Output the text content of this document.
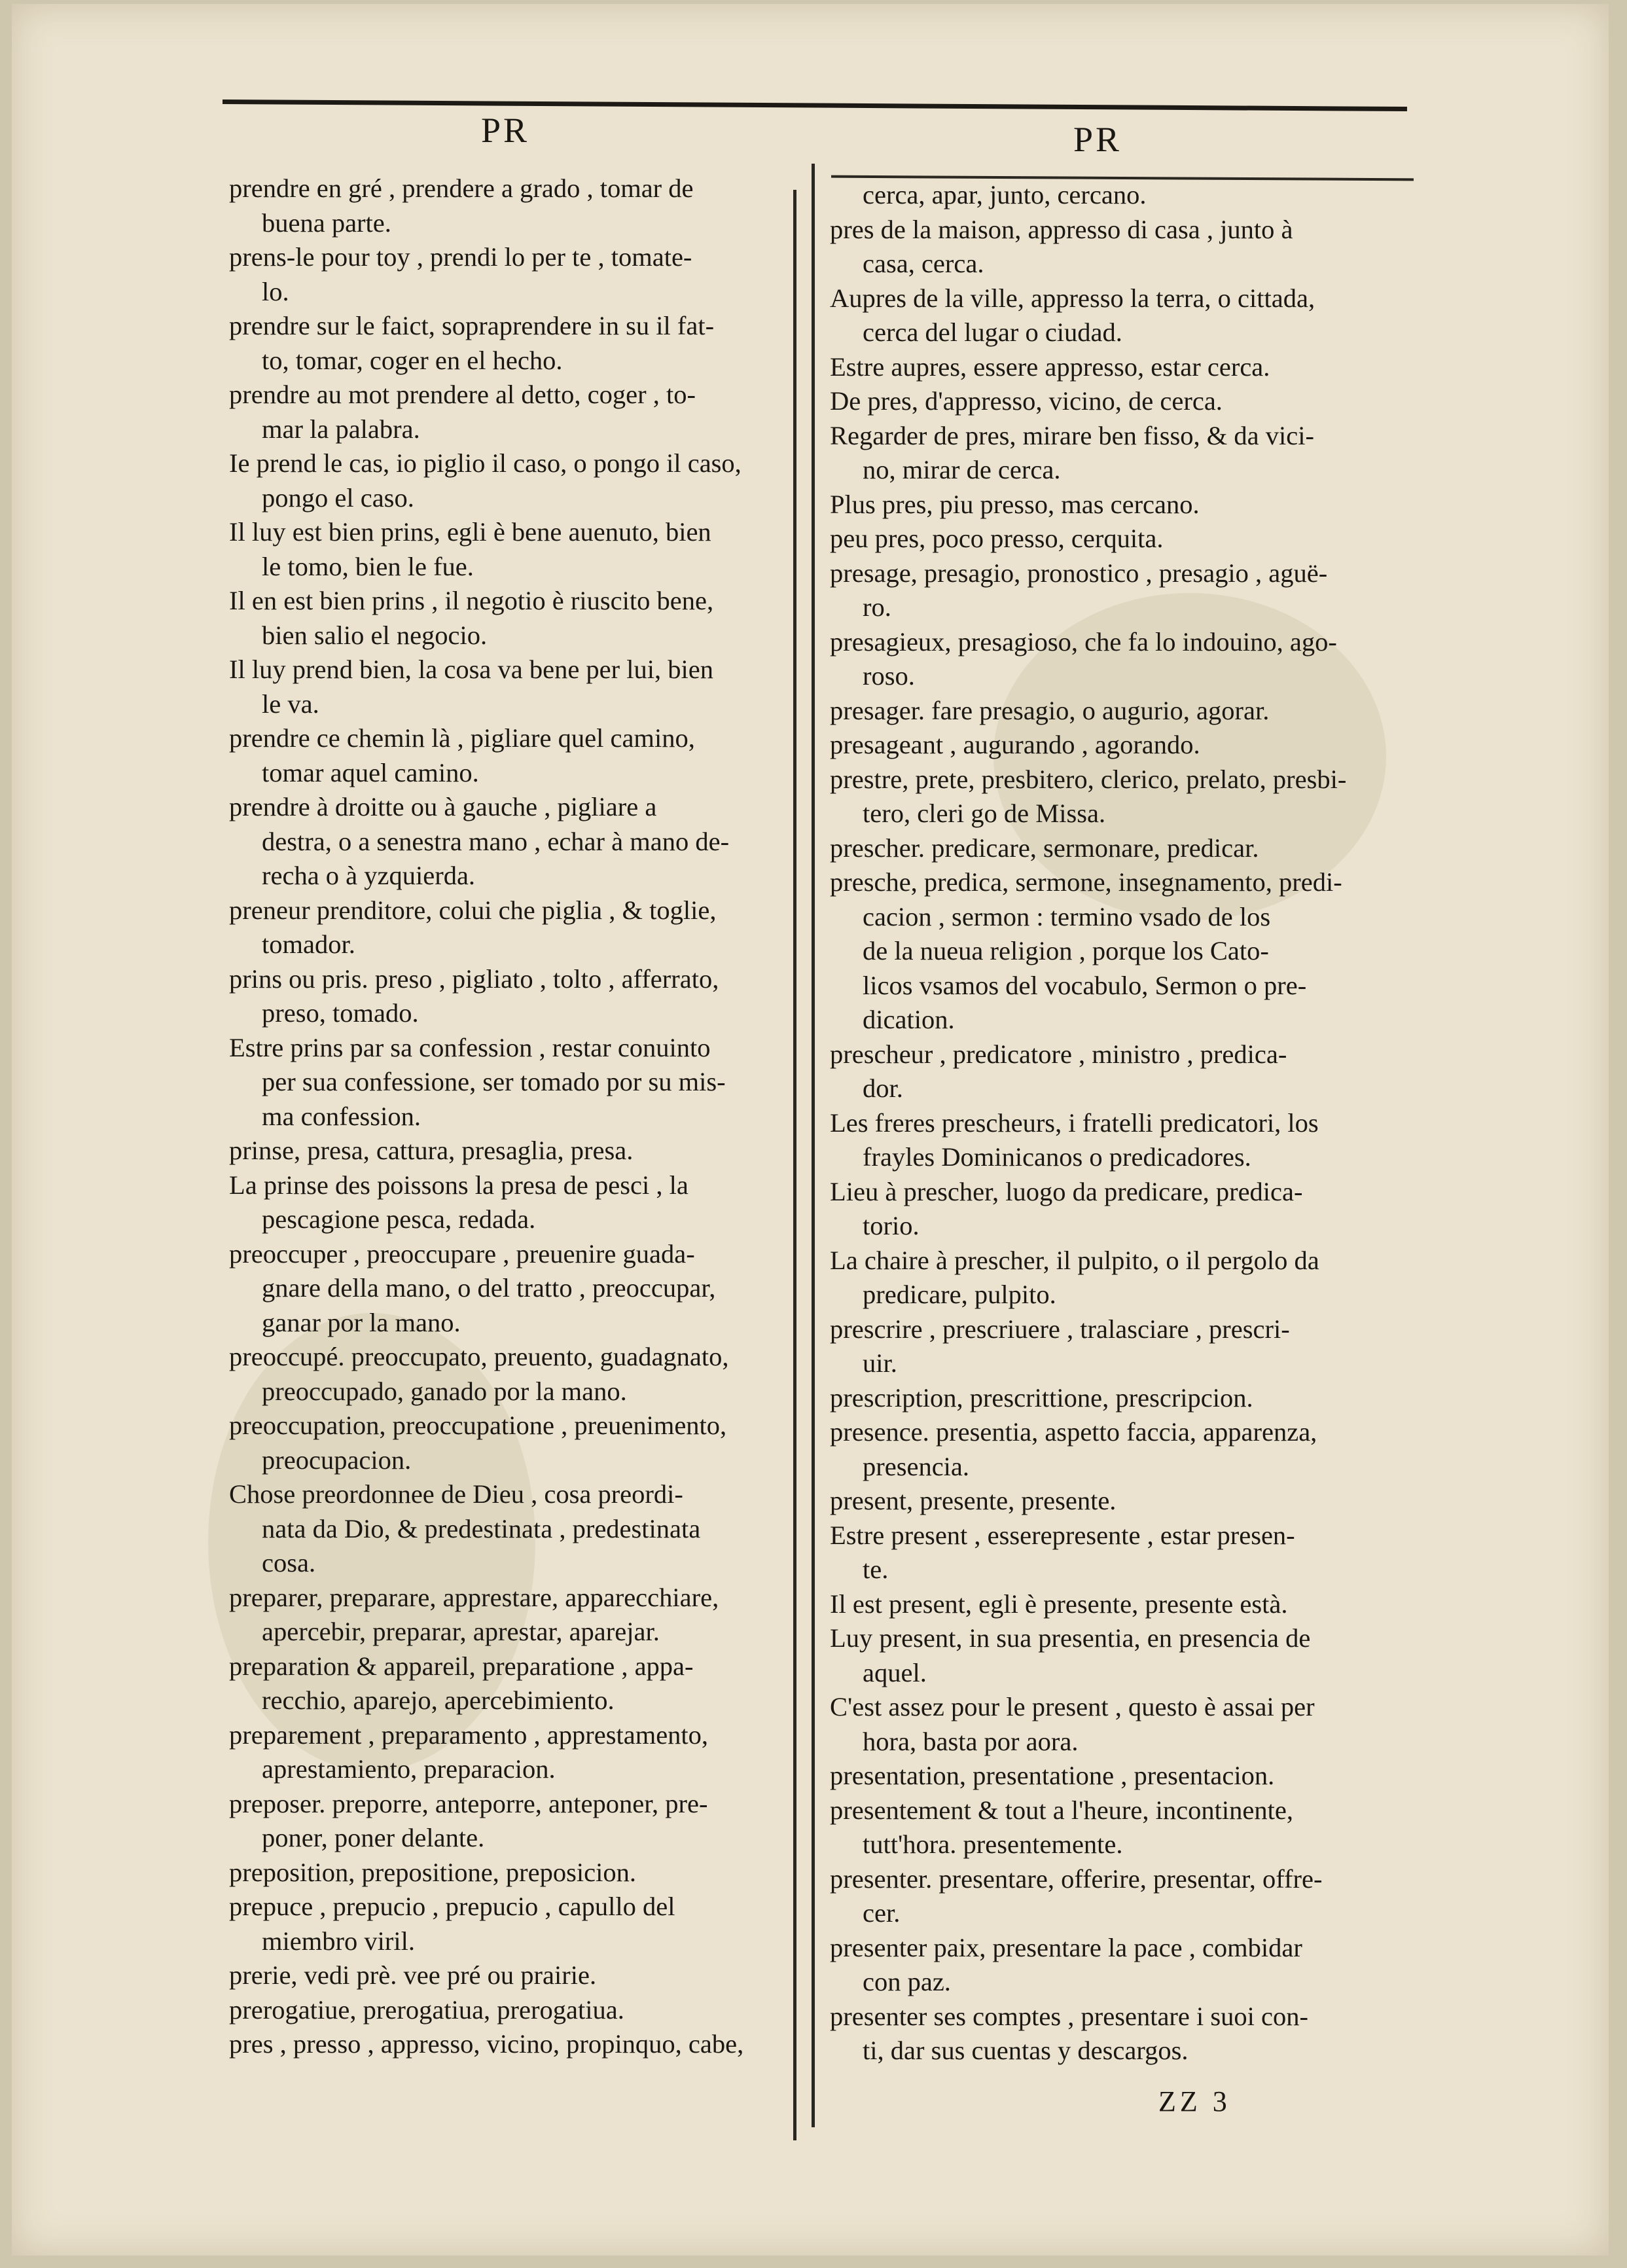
PR	PR
prendre en gré , prendere a grado , tomar de
buena parte.
prens-le pour toy , prendi lo per te , tomate-
lo.
prendre sur le faict, sopraprendere in su il fat-
to, tomar, coger en el hecho.
prendre au mot prendere al detto, coger , to-
mar la palabra.
Ie prend le cas, io piglio il caso, o pongo il caso,
pongo el caso.
Il luy est bien prins, egli è bene auenuto, bien
le tomo, bien le fue.
Il en est bien prins , il negotio è riuscito bene,
bien salio el negocio.
Il luy prend bien, la cosa va bene per lui, bien
le va.
prendre ce chemin là , pigliare quel camino,
tomar aquel camino.
prendre à droitte ou à gauche , pigliare a
destra, o a senestra mano , echar à mano de-
recha o à yzquierda.
preneur prenditore, colui che piglia , & toglie,
tomador.
prins ou pris. preso , pigliato , tolto , afferrato,
preso, tomado.
Estre prins par sa confession , restar conuinto
per sua confessione, ser tomado por su mis-
ma confession.
prinse, presa, cattura, presaglia, presa.
La prinse des poissons la presa de pesci , la
pescagione pesca, redada.
preoccuper , preoccupare , preuenire guada-
gnare della mano, o del tratto , preoccupar,
ganar por la mano.
preoccupé. preoccupato, preuento, guadagnato,
preoccupado, ganado por la mano.
preoccupation, preoccupatione , preuenimento,
preocupacion.
Chose preordonnee de Dieu , cosa preordi-
nata da Dio, & predestinata , predestinata
cosa.
preparer, preparare, apprestare, apparecchiare,
apercebir, preparar, aprestar, aparejar.
preparation & appareil, preparatione , appa-
recchio, aparejo, apercebimiento.
preparement , preparamento , apprestamento,
aprestamiento, preparacion.
preposer. preporre, anteporre, anteponer, pre-
poner, poner delante.
preposition, prepositione, preposicion.
prepuce , prepucio , prepucio , capullo del
miembro viril.
prerie, vedi prè. vee pré ou prairie.
prerogatiue, prerogatiua, prerogatiua.
pres , presso , appresso, vicino, propinquo, cabe,
cerca, apar, junto, cercano.
pres de la maison, appresso di casa , junto à
casa, cerca.
Aupres de la ville, appresso la terra, o cittada,
cerca del lugar o ciudad.
Estre aupres, essere appresso, estar cerca.
De pres, d'appresso, vicino, de cerca.
Regarder de pres, mirare ben fisso, & da vici-
no, mirar de cerca.
Plus pres, piu presso, mas cercano.
peu pres, poco presso, cerquita.
presage, presagio, pronostico , presagio , aguë-
ro.
presagieux, presagioso, che fa lo indouino, ago-
roso.
presager. fare presagio, o augurio, agorar.
presageant , augurando , agorando.
prestre, prete, presbitero, clerico, prelato, presbi-
tero, cleri go de Missa.
prescher. predicare, sermonare, predicar.
presche, predica, sermone, insegnamento, predi-
cacion , sermon : termino vsado de los
de la nueua religion , porque los Cato-
licos vsamos del vocabulo, Sermon o pre-
dication.
prescheur , predicatore , ministro , predica-
dor.
Les freres prescheurs, i fratelli predicatori, los
frayles Dominicanos o predicadores.
Lieu à prescher, luogo da predicare, predica-
torio.
La chaire à prescher, il pulpito, o il pergolo da
predicare, pulpito.
prescrire , prescriuere , tralasciare , prescri-
uir.
prescription, prescrittione, prescripcion.
presence. presentia, aspetto faccia, apparenza,
presencia.
present, presente, presente.
Estre present , esserepresente , estar presen-
te.
Il est present, egli è presente, presente està.
Luy present, in sua presentia, en presencia de
aquel.
C'est assez pour le present , questo è assai per
hora, basta por aora.
presentation, presentatione , presentacion.
presentement & tout a l'heure, incontinente,
tutt'hora. presentemente.
presenter. presentare, offerire, presentar, offre-
cer.
presenter paix, presentare la pace , combidar
con paz.
presenter ses comptes , presentare i suoi con-
ti, dar sus cuentas y descargos.
ZZ 3
